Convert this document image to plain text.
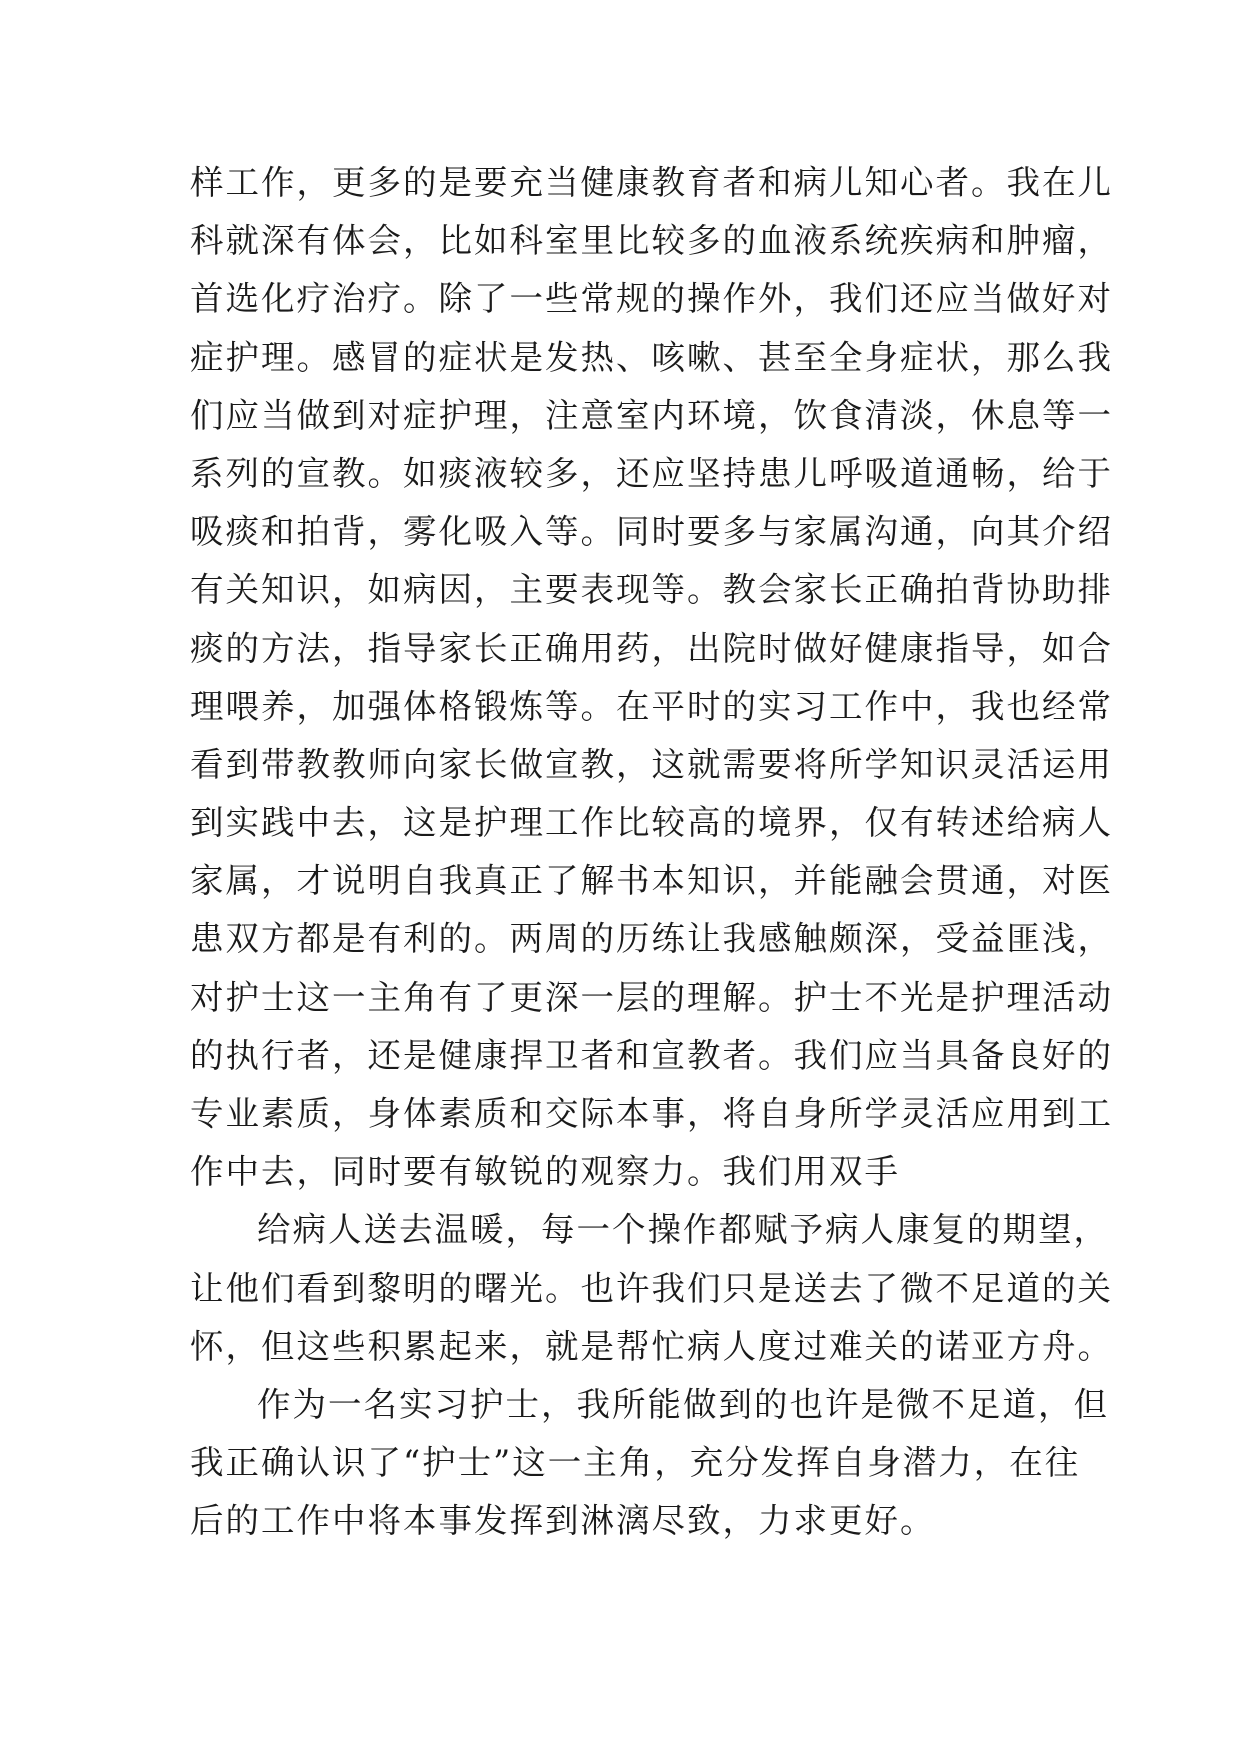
样工作，更多的是要充当健康教育者和病儿知心者。我在儿
科就深有体会，比如科室里比较多的血液系统疾病和肿瘤，
首选化疗治疗。除了一些常规的操作外，我们还应当做好对
症护理。感冒的症状是发热、咳嗽、甚至全身症状，那么我
们应当做到对症护理，注意室内环境，饮食清淡，休息等一
系列的宣教。如痰液较多，还应坚持患儿呼吸道通畅，给于
吸痰和拍背，雾化吸入等。同时要多与家属沟通，向其介绍
有关知识，如病因，主要表现等。教会家长正确拍背协助排
痰的方法，指导家长正确用药，出院时做好健康指导，如合
理喂养，加强体格锻炼等。在平时的实习工作中，我也经常
看到带教教师向家长做宣教，这就需要将所学知识灵活运用
到实践中去，这是护理工作比较高的境界，仅有转述给病人
家属，才说明自我真正了解书本知识，并能融会贯通，对医
患双方都是有利的。两周的历练让我感触颇深，受益匪浅，
对护士这一主角有了更深一层的理解。护士不光是护理活动
的执行者，还是健康捍卫者和宣教者。我们应当具备良好的
专业素质，身体素质和交际本事，将自身所学灵活应用到工
作中去，同时要有敏锐的观察力。我们用双手
给病人送去温暖，每一个操作都赋予病人康复的期望，
让他们看到黎明的曙光。也许我们只是送去了微不足道的关
怀，但这些积累起来，就是帮忙病人度过难关的诺亚方舟。
作为一名实习护士，我所能做到的也许是微不足道，但
我正确认识了“护士”这一主角，充分发挥自身潜力，在往
后的工作中将本事发挥到淋漓尽致，力求更好。
